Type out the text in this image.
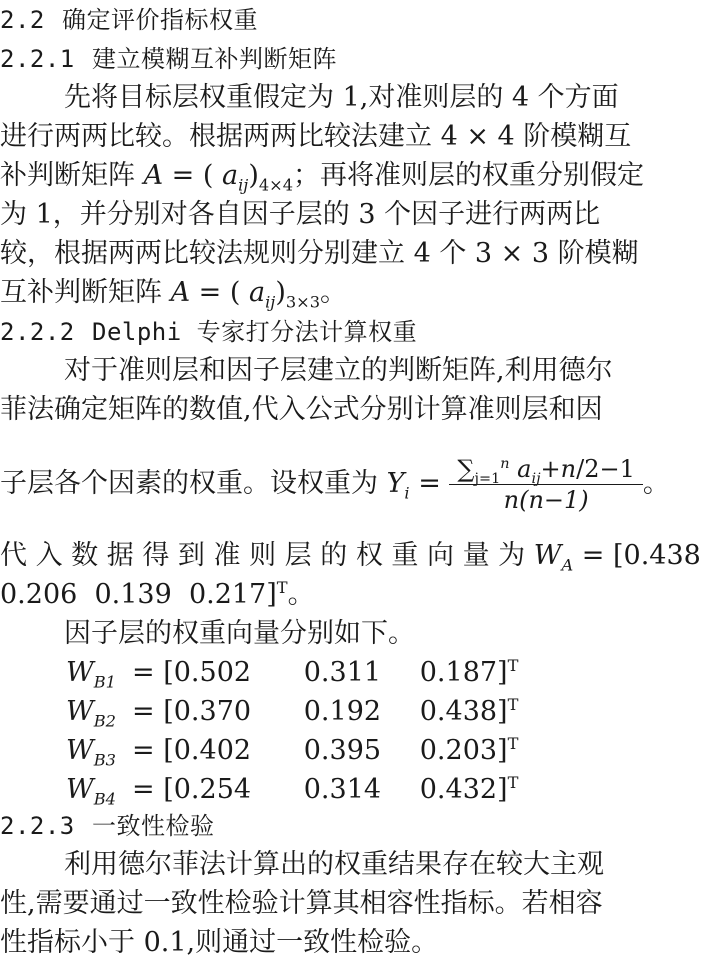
2.2 确定评价指标权重
2.2.1 建立模糊互补判断矩阵
先将目标层权重假定为 1,对准则层的 4 个方面
进行两两比较。根据两两比较法建立 4 × 4 阶模糊互
补判断矩阵 A = ( $a_{ij})_{4\times 4}$；再将准则层的权重分别假定
为 1，并分别对各自因子层的 3 个因子进行两两比
较，根据两两比较法规则分别建立 4 个 3 × 3 阶模糊
互补判断矩阵 A = ( $a_{ij})_{3\times 3}$。
2.2.2 Delphi 专家打分法计算权重
对于准则层和因子层建立的判断矩阵,利用德尔
菲法确定矩阵的数值,代入公式分别计算准则层和因
子层各个因素的权重。设权重为 $Y_i = \frac{\sum_{j=1}^n a_{ij}+n/2-1}{n(n-1)}$ 。
代 入 数 据 得 到 准 则 层 的 权 重 向 量 为 $W_A = [0.438$
0.206 0.139 0.217]$^T$。
因子层的权重向量分别如下。
$W_{B1} = [0.502$ 0.311 0.187]$^T$
$W_{B2} = [0.370$ 0.192 0.438]$^T$
$W_{B3} = [0.402$ 0.395 0.203]$^T$
$W_{B4} = [0.254$ 0.314 0.432]$^T$
2.2.3 一致性检验
利用德尔菲法计算出的权重结果存在较大主观
性,需要通过一致性检验计算其相容性指标。若相容
性指标小于 0.1,则通过一致性检验。
